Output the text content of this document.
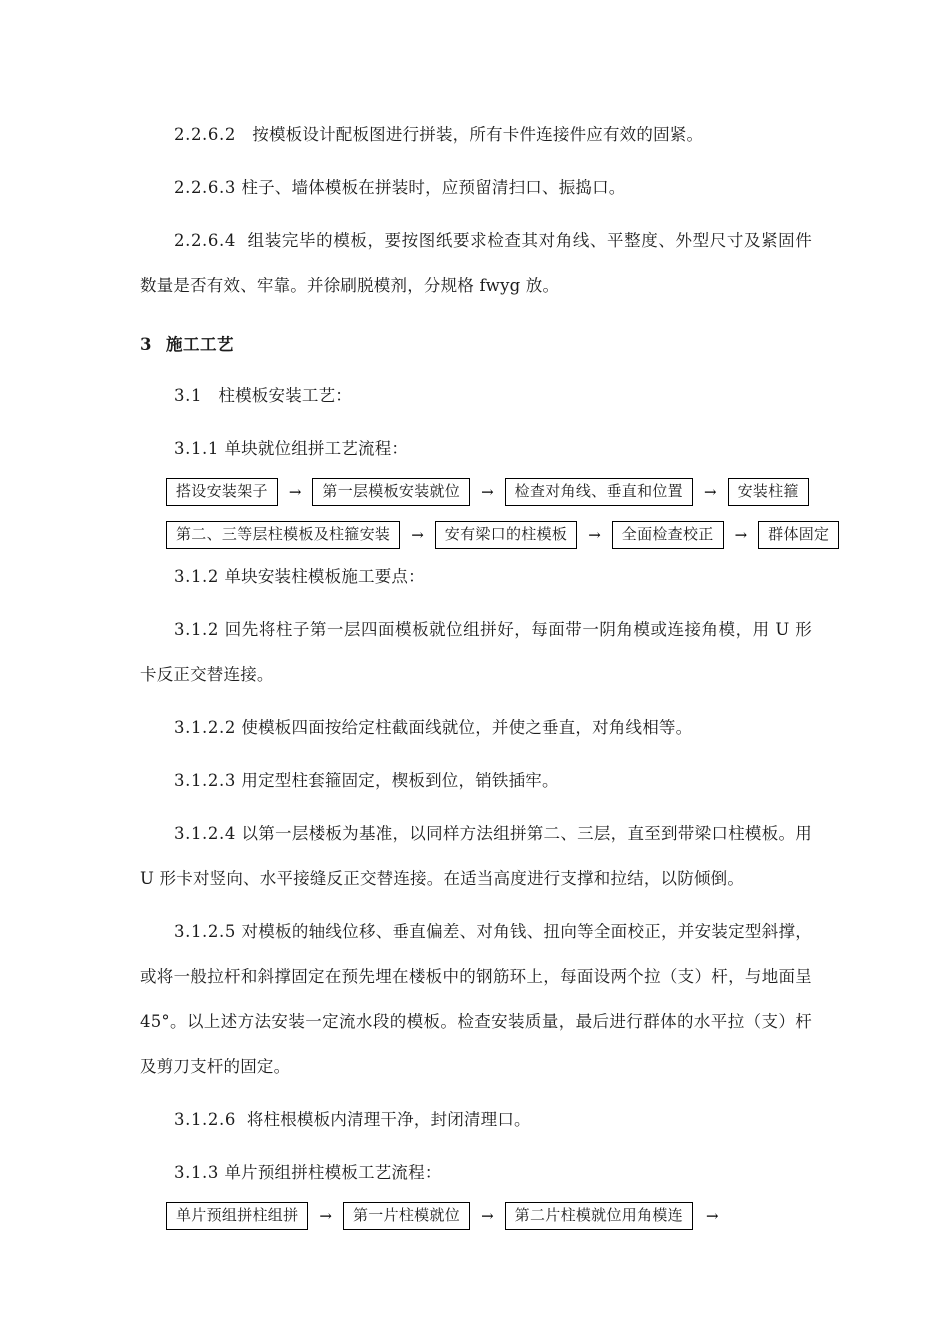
2.2.6.2 按模板设计配板图进行拼装，所有卡件连接件应有效的固紧。

2.2.6.3 柱子、墙体模板在拼装时，应预留清扫口、振捣口。

2.2.6.4 组装完毕的模板，要按图纸要求检查其对角线、平整度、外型尺寸及紧固件数量是否有效、牢靠。并徐刷脱模剂，分规格 fwyg 放。

3 施工工艺

3.1 柱模板安装工艺：

3.1.1 单块就位组拼工艺流程：

搭设安装架子	→	第一层模板安装就位	→	检查对角线、垂直和位置	→	安装柱箍
第二、三等层柱模板及柱箍安装	→	安有梁口的柱模板	→	全面检查校正	→	群体固定

3.1.2 单块安装柱模板施工要点：

3.1.2 回先将柱子第一层四面模板就位组拼好，每面带一阴角模或连接角模，用 U 形卡反正交替连接。

3.1.2.2 使模板四面按给定柱截面线就位，并使之垂直，对角线相等。

3.1.2.3 用定型柱套箍固定，楔板到位，销铁插牢。

3.1.2.4 以第一层楼板为基准，以同样方法组拼第二、三层，直至到带梁口柱模板。用 U 形卡对竖向、水平接缝反正交替连接。在适当高度进行支撑和拉结，以防倾倒。

3.1.2.5 对模板的轴线位移、垂直偏差、对角钱、扭向等全面校正，并安装定型斜撑，或将一般拉杆和斜撑固定在预先埋在楼板中的钢筋环上，每面设两个拉（支）杆，与地面呈 45°。以上述方法安装一定流水段的模板。检查安装质量，最后进行群体的水平拉（支）杆及剪刀支杆的固定。

3.1.2.6 将柱根模板内清理干净，封闭清理口。

3.1.3 单片预组拼柱模板工艺流程：

单片预组拼柱组拼	→	第一片柱模就位	→	第二片柱模就位用角模连	→
